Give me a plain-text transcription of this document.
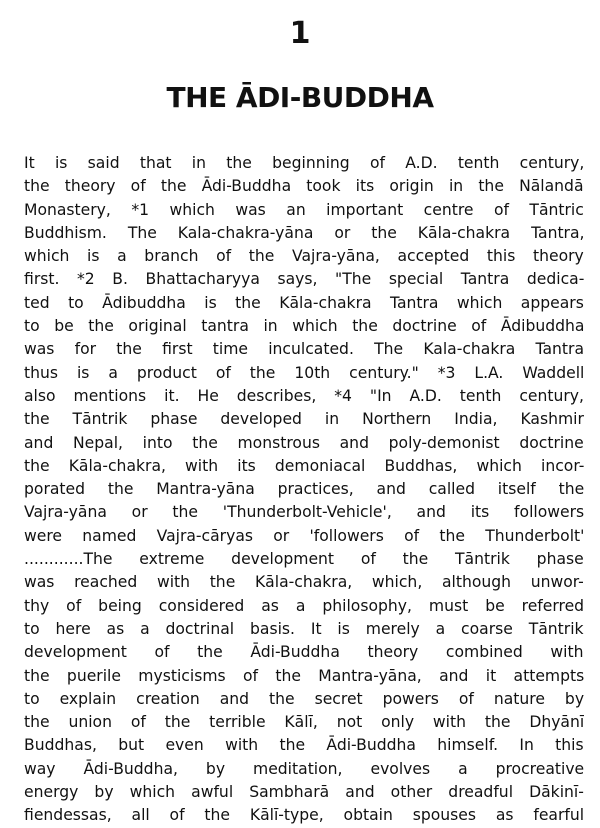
1
THE ĀDI-BUDDHA
It is said that in the beginning of A.D. tenth century,
the theory of the Ādi-Buddha took its origin in the Nālandā
Monastery, *1 which was an important centre of Tāntric
Buddhism. The Kala-chakra-yāna or the Kāla-chakra Tantra,
which is a branch of the Vajra-yāna, accepted this theory
first. *2 B. Bhattacharyya says, "The special Tantra dedica-
ted to Ādibuddha is the Kāla-chakra Tantra which appears
to be the original tantra in which the doctrine of Ādibuddha
was for the first time inculcated. The Kala-chakra Tantra
thus is a product of the 10th century." *3 L.A. Waddell
also mentions it. He describes, *4 "In A.D. tenth century,
the Tāntrik phase developed in Northern India, Kashmir
and Nepal, into the monstrous and poly-demonist doctrine
the Kāla-chakra, with its demoniacal Buddhas, which incor-
porated the Mantra-yāna practices, and called itself the
Vajra-yāna or the 'Thunderbolt-Vehicle', and its followers
were named Vajra-cāryas or 'followers of the Thunderbolt'
............The extreme development of the Tāntrik phase
was reached with the Kāla-chakra, which, although unwor-
thy of being considered as a philosophy, must be referred
to here as a doctrinal basis. It is merely a coarse Tāntrik
development of the Ādi-Buddha theory combined with
the puerile mysticisms of the Mantra-yāna, and it attempts
to explain creation and the secret powers of nature by
the union of the terrible Kālī, not only with the Dhyānī
Buddhas, but even with the Ādi-Buddha himself. In this
way Ādi-Buddha, by meditation, evolves a procreative
energy by which awful Sambharā and other dreadful Dākinī-
fiendessas, all of the Kālī-type, obtain spouses as fearful
